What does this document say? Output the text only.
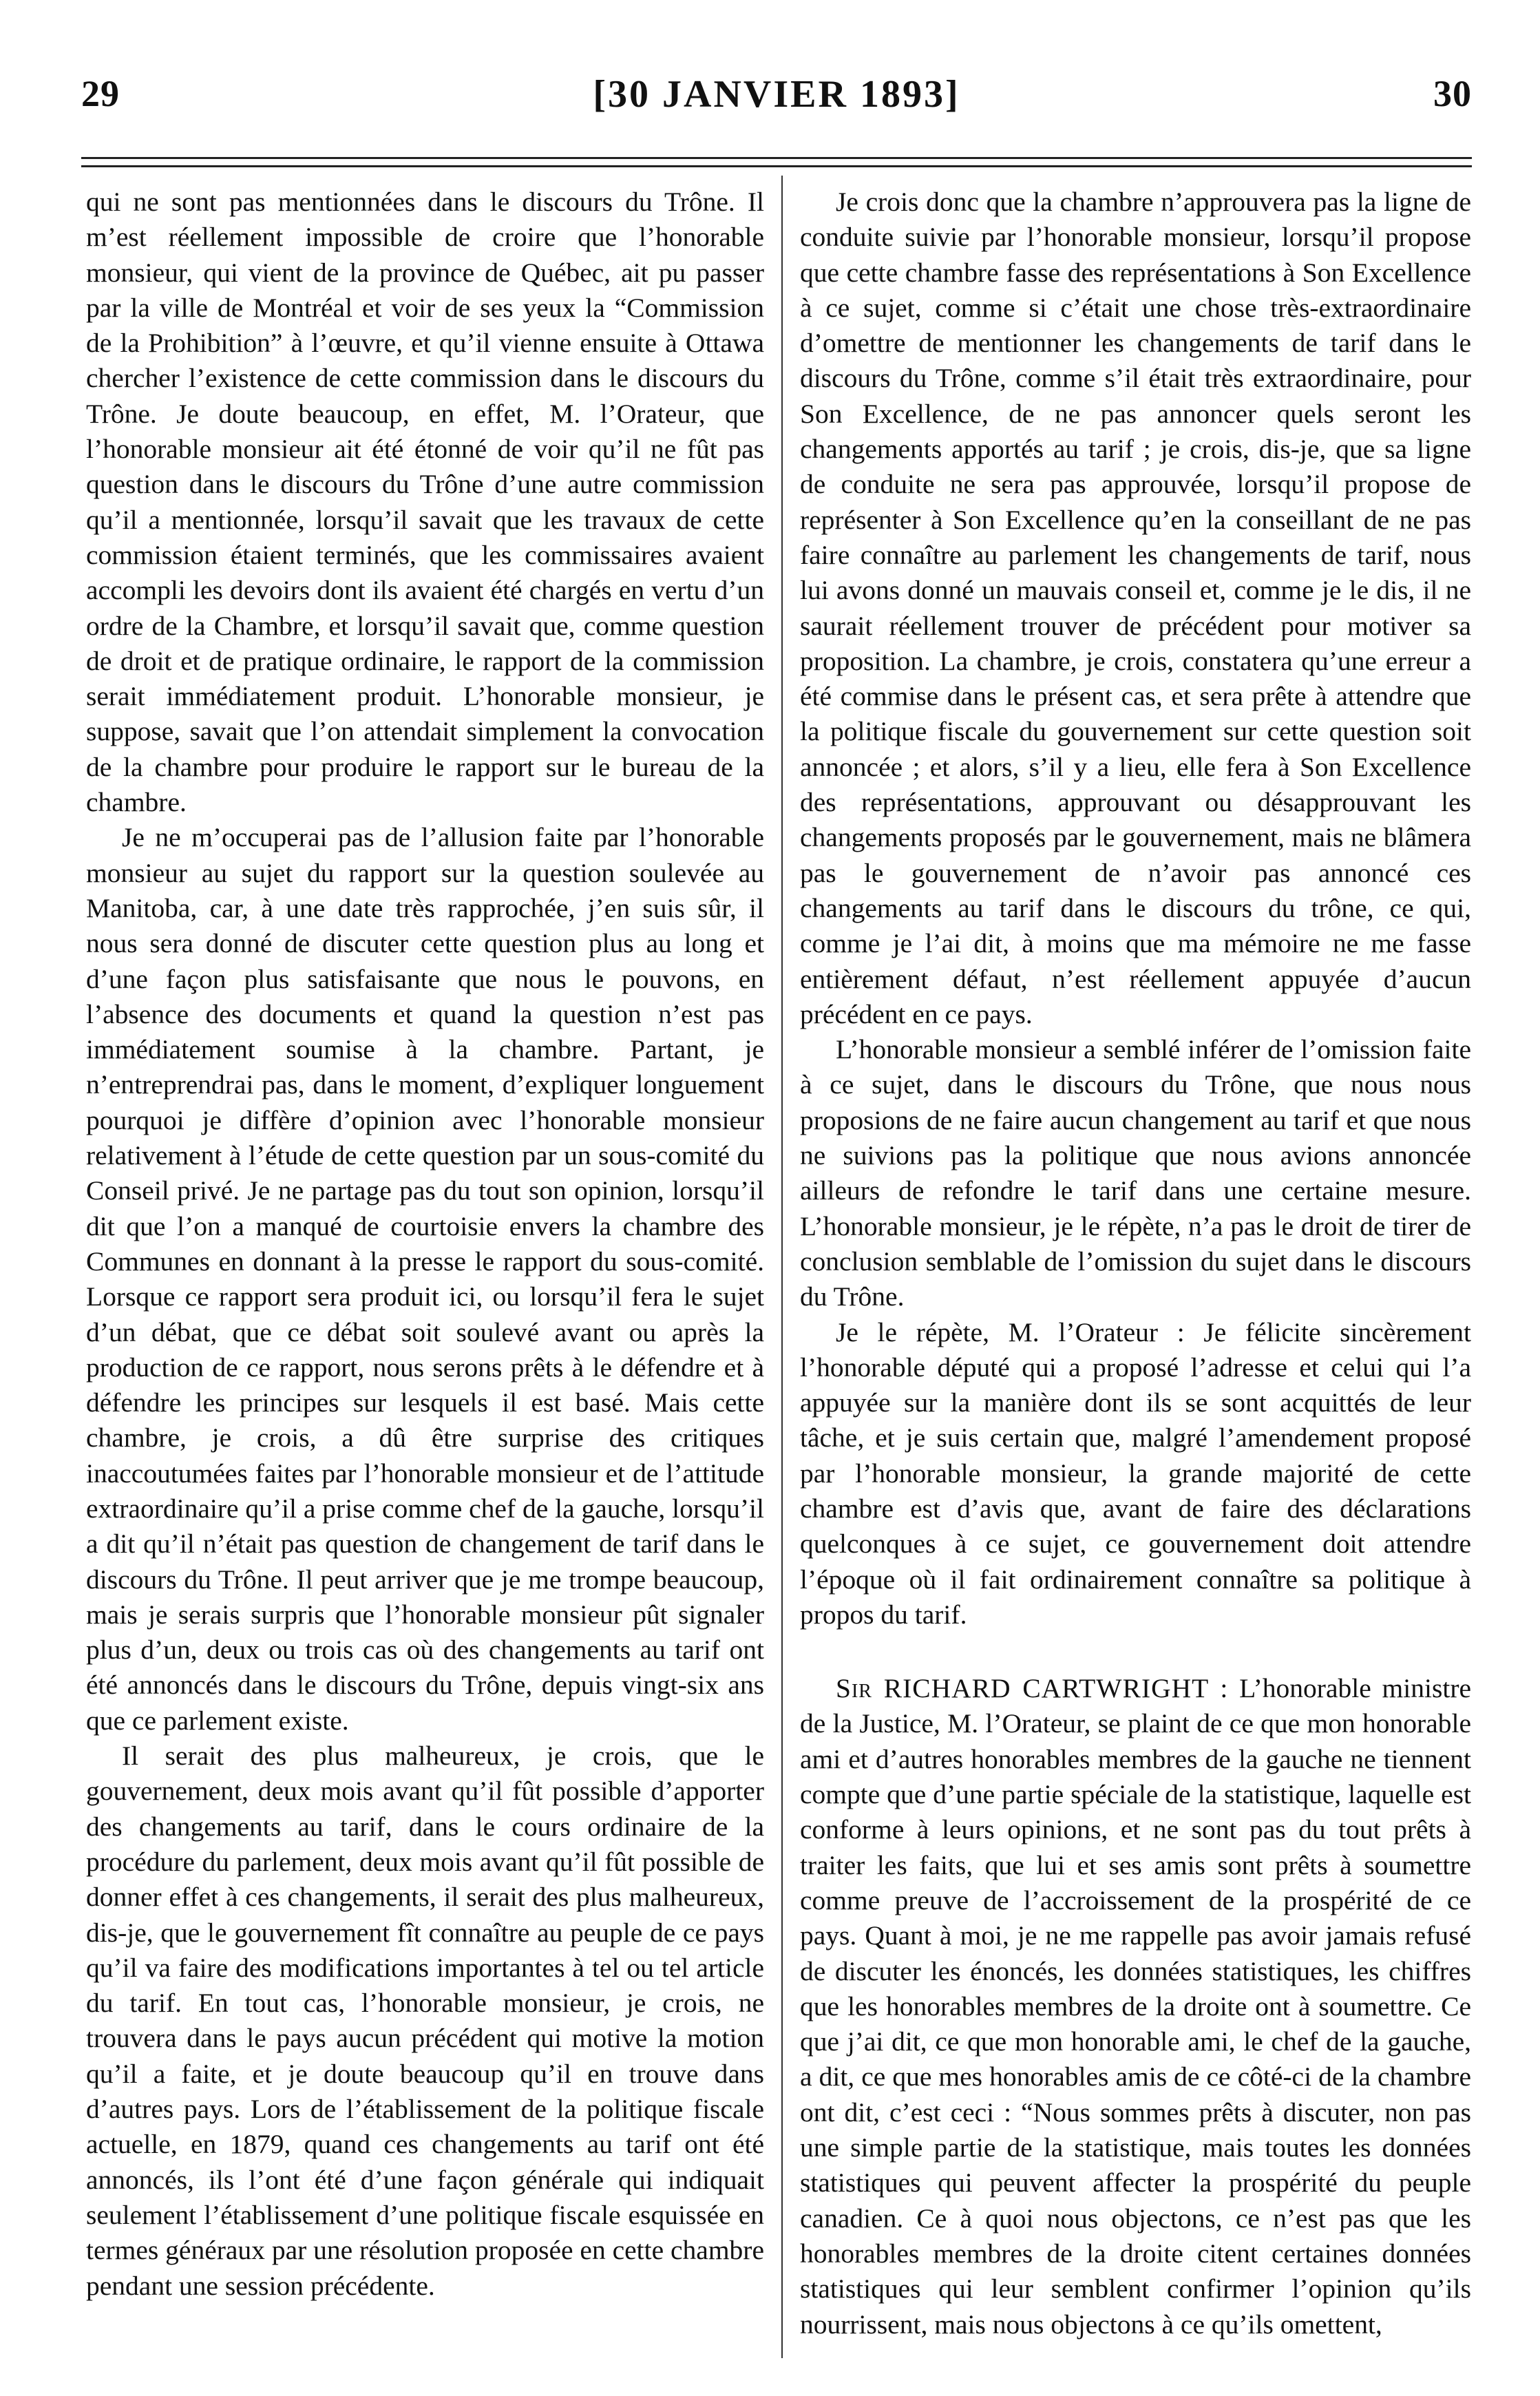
29	[30 JANVIER 1893]	30

qui ne sont pas mentionnées dans le discours du Trône. Il m’est réellement impossible de croire que l’honorable monsieur, qui vient de la province de Québec, ait pu passer par la ville de Montréal et voir de ses yeux la “Commission de la Prohibition” à l’œuvre, et qu’il vienne ensuite à Ottawa chercher l’existence de cette commission dans le discours du Trône. Je doute beaucoup, en effet, M. l’Orateur, que l’honorable monsieur ait été étonné de voir qu’il ne fût pas question dans le discours du Trône d’une autre commission qu’il a mentionnée, lorsqu’il savait que les travaux de cette commission étaient terminés, que les commissaires avaient accompli les devoirs dont ils avaient été chargés en vertu d’un ordre de la Chambre, et lorsqu’il savait que, comme question de droit et de pratique ordinaire, le rapport de la commission serait immédiatement produit. L’honorable monsieur, je suppose, savait que l’on attendait simplement la convocation de la chambre pour produire le rapport sur le bureau de la chambre.

Je ne m’occuperai pas de l’allusion faite par l’honorable monsieur au sujet du rapport sur la question soulevée au Manitoba, car, à une date très rapprochée, j’en suis sûr, il nous sera donné de discuter cette question plus au long et d’une façon plus satisfaisante que nous le pouvons, en l’absence des documents et quand la question n’est pas immédiatement soumise à la chambre. Partant, je n’entreprendrai pas, dans le moment, d’expliquer longuement pourquoi je diffère d’opinion avec l’honorable monsieur relativement à l’étude de cette question par un sous-comité du Conseil privé. Je ne partage pas du tout son opinion, lorsqu’il dit que l’on a manqué de courtoisie envers la chambre des Communes en donnant à la presse le rapport du sous-comité. Lorsque ce rapport sera produit ici, ou lorsqu’il fera le sujet d’un débat, que ce débat soit soulevé avant ou après la production de ce rapport, nous serons prêts à le défendre et à défendre les principes sur lesquels il est basé. Mais cette chambre, je crois, a dû être surprise des critiques inaccoutumées faites par l’honorable monsieur et de l’attitude extraordinaire qu’il a prise comme chef de la gauche, lorsqu’il a dit qu’il n’était pas question de changement de tarif dans le discours du Trône. Il peut arriver que je me trompe beaucoup, mais je serais surpris que l’honorable monsieur pût signaler plus d’un, deux ou trois cas où des changements au tarif ont été annoncés dans le discours du Trône, depuis vingt-six ans que ce parlement existe.

Il serait des plus malheureux, je crois, que le gouvernement, deux mois avant qu’il fût possible d’apporter des changements au tarif, dans le cours ordinaire de la procédure du parlement, deux mois avant qu’il fût possible de donner effet à ces changements, il serait des plus malheureux, dis-je, que le gouvernement fît connaître au peuple de ce pays qu’il va faire des modifications importantes à tel ou tel article du tarif. En tout cas, l’honorable monsieur, je crois, ne trouvera dans le pays aucun précédent qui motive la motion qu’il a faite, et je doute beaucoup qu’il en trouve dans d’autres pays. Lors de l’établissement de la politique fiscale actuelle, en 1879, quand ces changements au tarif ont été annoncés, ils l’ont été d’une façon générale qui indiquait seulement l’établissement d’une politique fiscale esquissée en termes généraux par une résolution proposée en cette chambre pendant une session précédente.

Je crois donc que la chambre n’approuvera pas la ligne de conduite suivie par l’honorable monsieur, lorsqu’il propose que cette chambre fasse des représentations à Son Excellence à ce sujet, comme si c’était une chose très-extraordinaire d’omettre de mentionner les changements de tarif dans le discours du Trône, comme s’il était très extraordinaire, pour Son Excellence, de ne pas annoncer quels seront les changements apportés au tarif ; je crois, dis-je, que sa ligne de conduite ne sera pas approuvée, lorsqu’il propose de représenter à Son Excellence qu’en la conseillant de ne pas faire connaître au parlement les changements de tarif, nous lui avons donné un mauvais conseil et, comme je le dis, il ne saurait réellement trouver de précédent pour motiver sa proposition. La chambre, je crois, constatera qu’une erreur a été commise dans le présent cas, et sera prête à attendre que la politique fiscale du gouvernement sur cette question soit annoncée ; et alors, s’il y a lieu, elle fera à Son Excellence des représentations, approuvant ou désapprouvant les changements proposés par le gouvernement, mais ne blâmera pas le gouvernement de n’avoir pas annoncé ces changements au tarif dans le discours du trône, ce qui, comme je l’ai dit, à moins que ma mémoire ne me fasse entièrement défaut, n’est réellement appuyée d’aucun précédent en ce pays.

L’honorable monsieur a semblé inférer de l’omission faite à ce sujet, dans le discours du Trône, que nous nous proposions de ne faire aucun changement au tarif et que nous ne suivions pas la politique que nous avions annoncée ailleurs de refondre le tarif dans une certaine mesure. L’honorable monsieur, je le répète, n’a pas le droit de tirer de conclusion semblable de l’omission du sujet dans le discours du Trône.

Je le répète, M. l’Orateur : Je félicite sincèrement l’honorable député qui a proposé l’adresse et celui qui l’a appuyée sur la manière dont ils se sont acquittés de leur tâche, et je suis certain que, malgré l’amendement proposé par l’honorable monsieur, la grande majorité de cette chambre est d’avis que, avant de faire des déclarations quelconques à ce sujet, ce gouvernement doit attendre l’époque où il fait ordinairement connaître sa politique à propos du tarif.

Sir RICHARD CARTWRIGHT : L’honorable ministre de la Justice, M. l’Orateur, se plaint de ce que mon honorable ami et d’autres honorables membres de la gauche ne tiennent compte que d’une partie spéciale de la statistique, laquelle est conforme à leurs opinions, et ne sont pas du tout prêts à traiter les faits, que lui et ses amis sont prêts à soumettre comme preuve de l’accroissement de la prospérité de ce pays. Quant à moi, je ne me rappelle pas avoir jamais refusé de discuter les énoncés, les données statistiques, les chiffres que les honorables membres de la droite ont à soumettre. Ce que j’ai dit, ce que mon honorable ami, le chef de la gauche, a dit, ce que mes honorables amis de ce côté-ci de la chambre ont dit, c’est ceci : “Nous sommes prêts à discuter, non pas une simple partie de la statistique, mais toutes les données statistiques qui peuvent affecter la prospérité du peuple canadien. Ce à quoi nous objectons, ce n’est pas que les honorables membres de la droite citent certaines données statistiques qui leur semblent confirmer l’opinion qu’ils nourrissent, mais nous objectons à ce qu’ils omettent,
